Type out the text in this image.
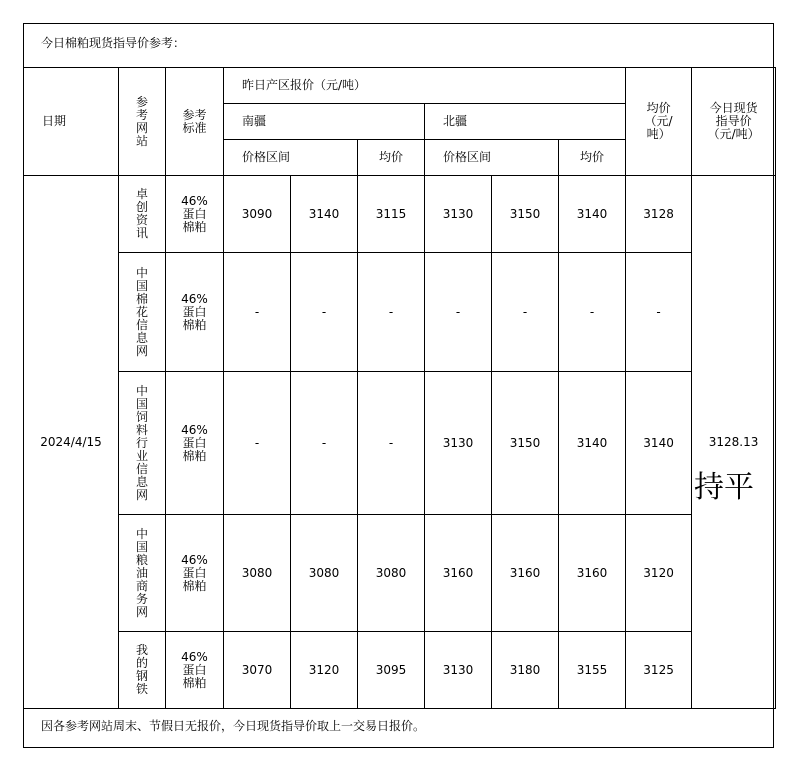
今日棉粕现货指导价参考：
日期	参考网站	参考标准	昨日产区报价（元/吨）						均价（元/吨）	今日现货指导价（元/吨）
			南疆			北疆				
			价格区间		均价	价格区间		均价		
2024/4/15	卓创资讯	46%蛋白棉粕	3090	3140	3115	3130	3150	3140	3128	3128.13
	中国棉花信息网	46%蛋白棉粕	-	-	-	-	-	-	-	
	中国饲料行业信息网	46%蛋白棉粕	-	-	-	3130	3150	3140	3140	
	中国粮油商务网	46%蛋白棉粕	3080	3080	3080	3160	3160	3160	3120	
	我的钢铁	46%蛋白棉粕	3070	3120	3095	3130	3180	3155	3125	
持平
因各参考网站周末、节假日无报价，今日现货指导价取上一交易日报价。
